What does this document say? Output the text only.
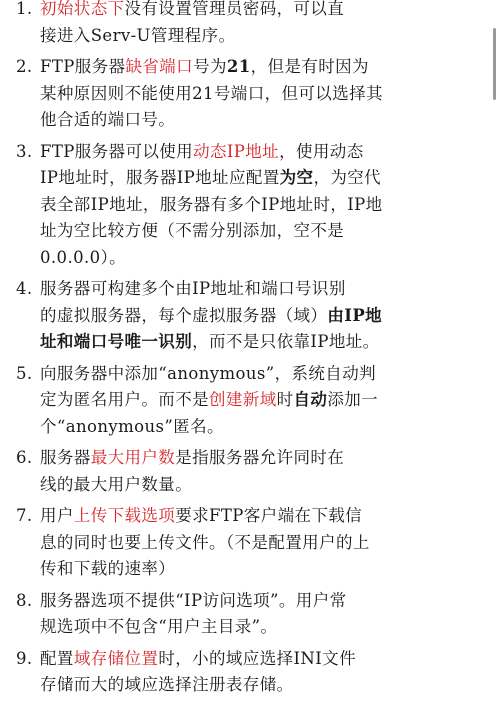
1. 初始状态下没有设置管理员密码，可以直
接进入Serv-U管理程序。
2. FTP服务器缺省端口号为21，但是有时因为
某种原因则不能使用21号端口，但可以选择其
他合适的端口号。
3. FTP服务器可以使用动态IP地址，使用动态
IP地址时，服务器IP地址应配置为空，为空代
表全部IP地址，服务器有多个IP地址时，IP地
址为空比较方便（不需分别添加，空不是
0.0.0.0）。
4. 服务器可构建多个由IP地址和端口号识别
的虚拟服务器，每个虚拟服务器（域）由IP地
址和端口号唯一识别，而不是只依靠IP地址。
5. 向服务器中添加“anonymous”，系统自动判
定为匿名用户。而不是创建新域时自动添加一
个“anonymous”匿名。
6. 服务器最大用户数是指服务器允许同时在
线的最大用户数量。
7. 用户上传下载选项要求FTP客户端在下载信
息的同时也要上传文件。（不是配置用户的上
传和下载的速率）
8. 服务器选项不提供“IP访问选项”。用户常
规选项中不包含“用户主目录”。
9. 配置域存储位置时，小的域应选择INI文件
存储而大的域应选择注册表存储。
